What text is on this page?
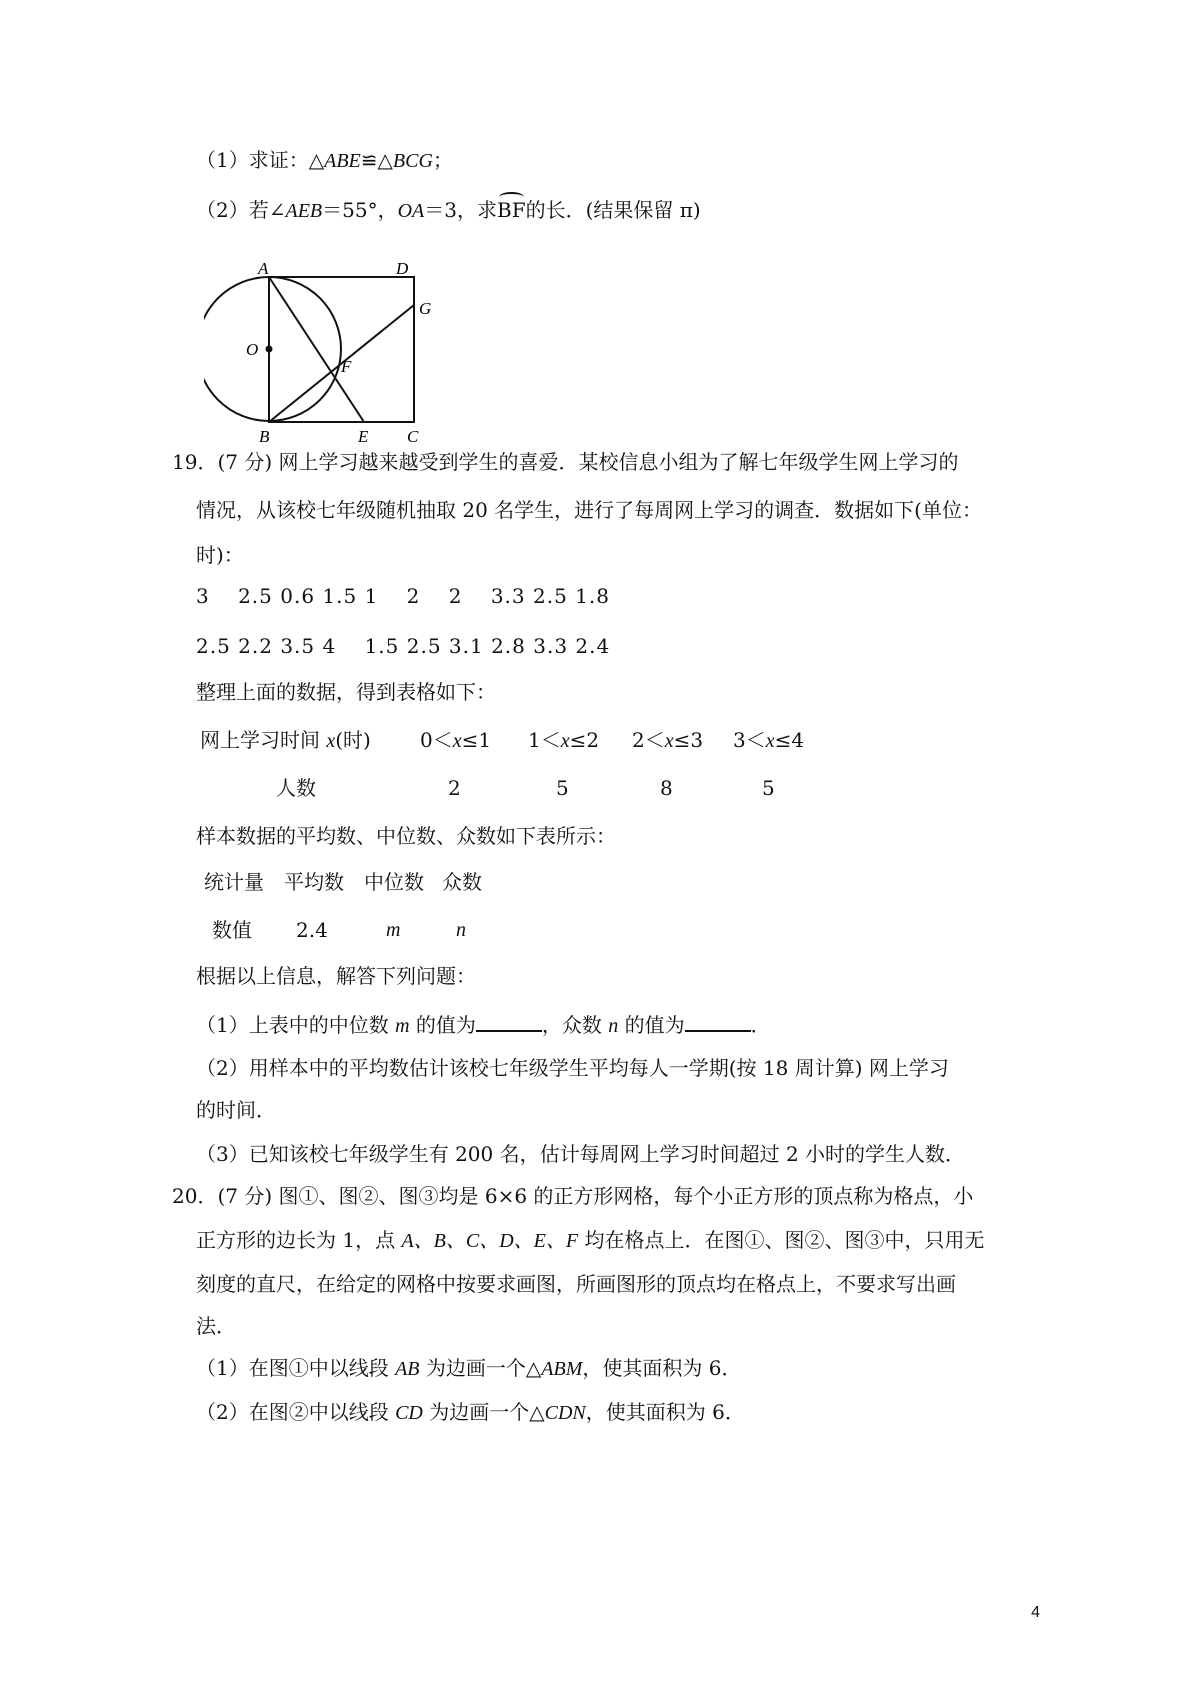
（1）求证：△ABE≌△BCG；
（2）若∠AEB＝55°，OA＝3，求BF的长．(结果保留 π)
A	D
G
O
F
B	E C
19．(7 分) 网上学习越来越受到学生的喜爱．某校信息小组为了解七年级学生网上学习的
情况，从该校七年级随机抽取 20 名学生，进行了每周网上学习的调查．数据如下(单位：
时)：
3　 2.5 0.6 1.5 1　 2　 2　 3.3 2.5 1.8
2.5 2.2 3.5 4　 1.5 2.5 3.1 2.8 3.3 2.4
整理上面的数据，得到表格如下：
网上学习时间 x(时) 0＜x≤1 1＜x≤2 2＜x≤3 3＜x≤4
人数	2	5	8	5
样本数据的平均数、中位数、众数如下表所示：
统计量 平均数 中位数 众数
数值 2.4	m	n
根据以上信息，解答下列问题：
（1）上表中的中位数 m 的值为	，众数 n 的值为	．
（2）用样本中的平均数估计该校七年级学生平均每人一学期(按 18 周计算) 网上学习
的时间．
（3）已知该校七年级学生有 200 名，估计每周网上学习时间超过 2 小时的学生人数．
20．(7 分) 图①、图②、图③均是 6×6 的正方形网格，每个小正方形的顶点称为格点，小
正方形的边长为 1，点 A、B、C、D、E、F 均在格点上．在图①、图②、图③中，只用无
刻度的直尺，在给定的网格中按要求画图，所画图形的顶点均在格点上，不要求写出画
法．
（1）在图①中以线段 AB 为边画一个△ABM，使其面积为 6．
（2）在图②中以线段 CD 为边画一个△CDN，使其面积为 6．
4
